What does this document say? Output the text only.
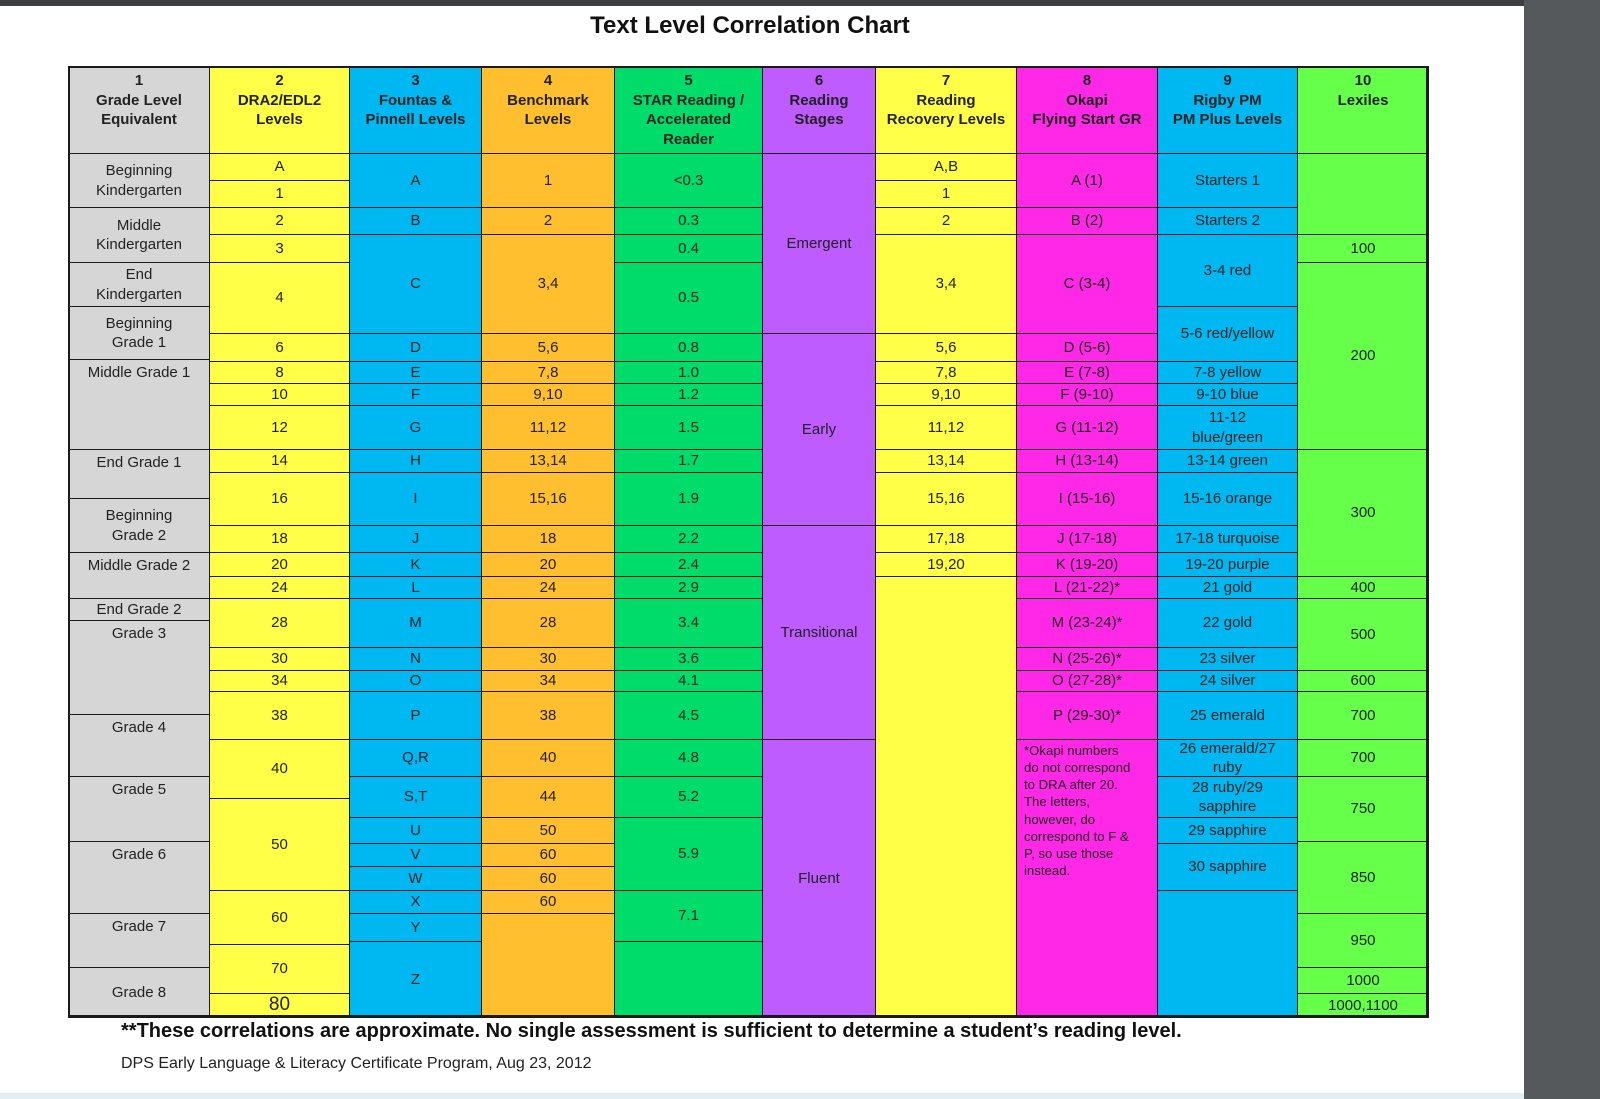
Text Level Correlation Chart
1
Grade Level
Equivalent
2
DRA2/EDL2
Levels
3
Fountas &
Pinnell Levels
4
Benchmark
Levels
5
STAR Reading /
Accelerated
Reader
6
Reading
Stages
7
Reading
Recovery Levels
8
Okapi
Flying Start GR
9
Rigby PM
PM Plus Levels
10
Lexiles
Beginning
Kindergarten
Middle
Kindergarten
End
Kindergarten
Beginning
Grade 1
Middle Grade 1
End Grade 1
Beginning
Grade 2
Middle Grade 2
End Grade 2
Grade 3
Grade 4
Grade 5
Grade 6
Grade 7
Grade 8
A
1
2
3
4
6
8
10
12
14
16
18
20
24
28
30
34
38
40
50
60
70
80
A
B
C
D
E
F
G
H
I
J
K
L
M
N
O
P
Q,R
S,T
U
V
W
X
Y
Z
1
2
3,4
5,6
7,8
9,10
11,12
13,14
15,16
18
20
24
28
30
34
38
40
44
50
60
60
60
<0.3
0.3
0.4
0.5
0.8
1.0
1.2
1.5
1.7
1.9
2.2
2.4
2.9
3.4
3.6
4.1
4.5
4.8
5.2
5.9
7.1
Emergent
Early
Transitional
Fluent
A,B
1
2
3,4
5,6
7,8
9,10
11,12
13,14
15,16
17,18
19,20
A (1)
B (2)
C (3-4)
D (5-6)
E (7-8)
F (9-10)
G (11-12)
H (13-14)
I (15-16)
J (17-18)
K (19-20)
L (21-22)*
M (23-24)*
N (25-26)*
O (27-28)*
P (29-30)*
*Okapi numbers
do not correspond
to DRA after 20.
The letters,
however, do
correspond to F &
P, so use those
instead.
Starters 1
Starters 2
3-4 red
5-6 red/yellow
7-8 yellow
9-10 blue
11-12
blue/green
13-14 green
15-16 orange
17-18 turquoise
19-20 purple
21 gold
22 gold
23 silver
24 silver
25 emerald
26 emerald/27
ruby
28 ruby/29
sapphire
29 sapphire
30 sapphire
100
200
300
400
500
600
700
700
750
850
950
1000
1000,1100
**These correlations are approximate. No single assessment is sufficient to determine a student’s reading level.
DPS Early Language & Literacy Certificate Program, Aug 23, 2012
